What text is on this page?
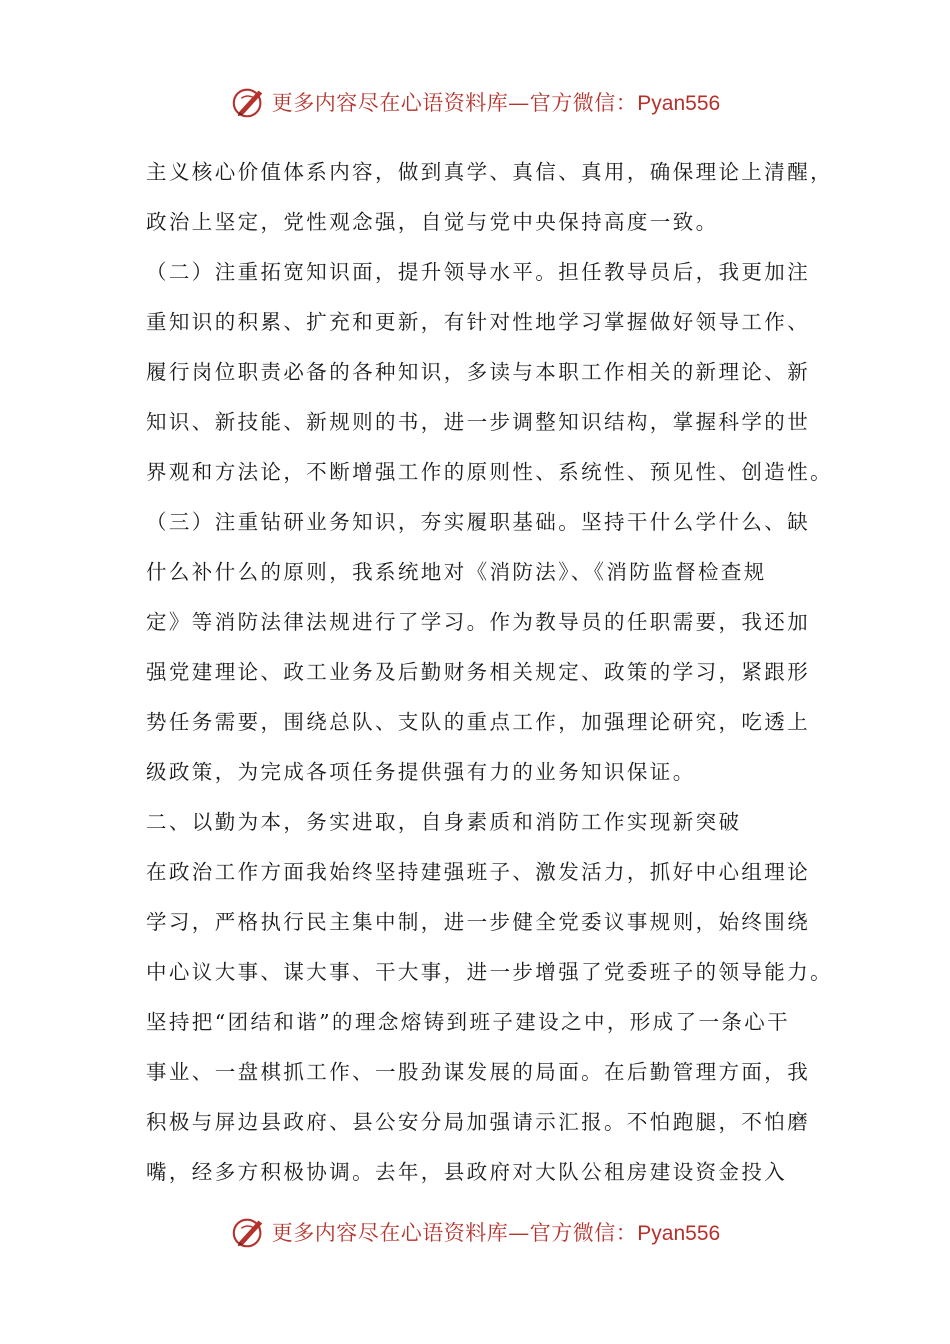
更多内容尽在心语资料库—官方微信：Pyan556
主义核心价值体系内容，做到真学、真信、真用，确保理论上清醒，
政治上坚定，党性观念强，自觉与党中央保持高度一致。
（二）注重拓宽知识面，提升领导水平。担任教导员后，我更加注
重知识的积累、扩充和更新，有针对性地学习掌握做好领导工作、
履行岗位职责必备的各种知识，多读与本职工作相关的新理论、新
知识、新技能、新规则的书，进一步调整知识结构，掌握科学的世
界观和方法论，不断增强工作的原则性、系统性、预见性、创造性。
（三）注重钻研业务知识，夯实履职基础。坚持干什么学什么、缺
什么补什么的原则，我系统地对《消防法》、《消防监督检查规
定》等消防法律法规进行了学习。作为教导员的任职需要，我还加
强党建理论、政工业务及后勤财务相关规定、政策的学习，紧跟形
势任务需要，围绕总队、支队的重点工作，加强理论研究，吃透上
级政策，为完成各项任务提供强有力的业务知识保证。
二、以勤为本，务实进取，自身素质和消防工作实现新突破
在政治工作方面我始终坚持建强班子、激发活力，抓好中心组理论
学习，严格执行民主集中制，进一步健全党委议事规则，始终围绕
中心议大事、谋大事、干大事，进一步增强了党委班子的领导能力。
坚持把“团结和谐”的理念熔铸到班子建设之中，形成了一条心干
事业、一盘棋抓工作、一股劲谋发展的局面。在后勤管理方面，我
积极与屏边县政府、县公安分局加强请示汇报。不怕跑腿，不怕磨
嘴，经多方积极协调。去年，县政府对大队公租房建设资金投入
更多内容尽在心语资料库—官方微信：Pyan556
